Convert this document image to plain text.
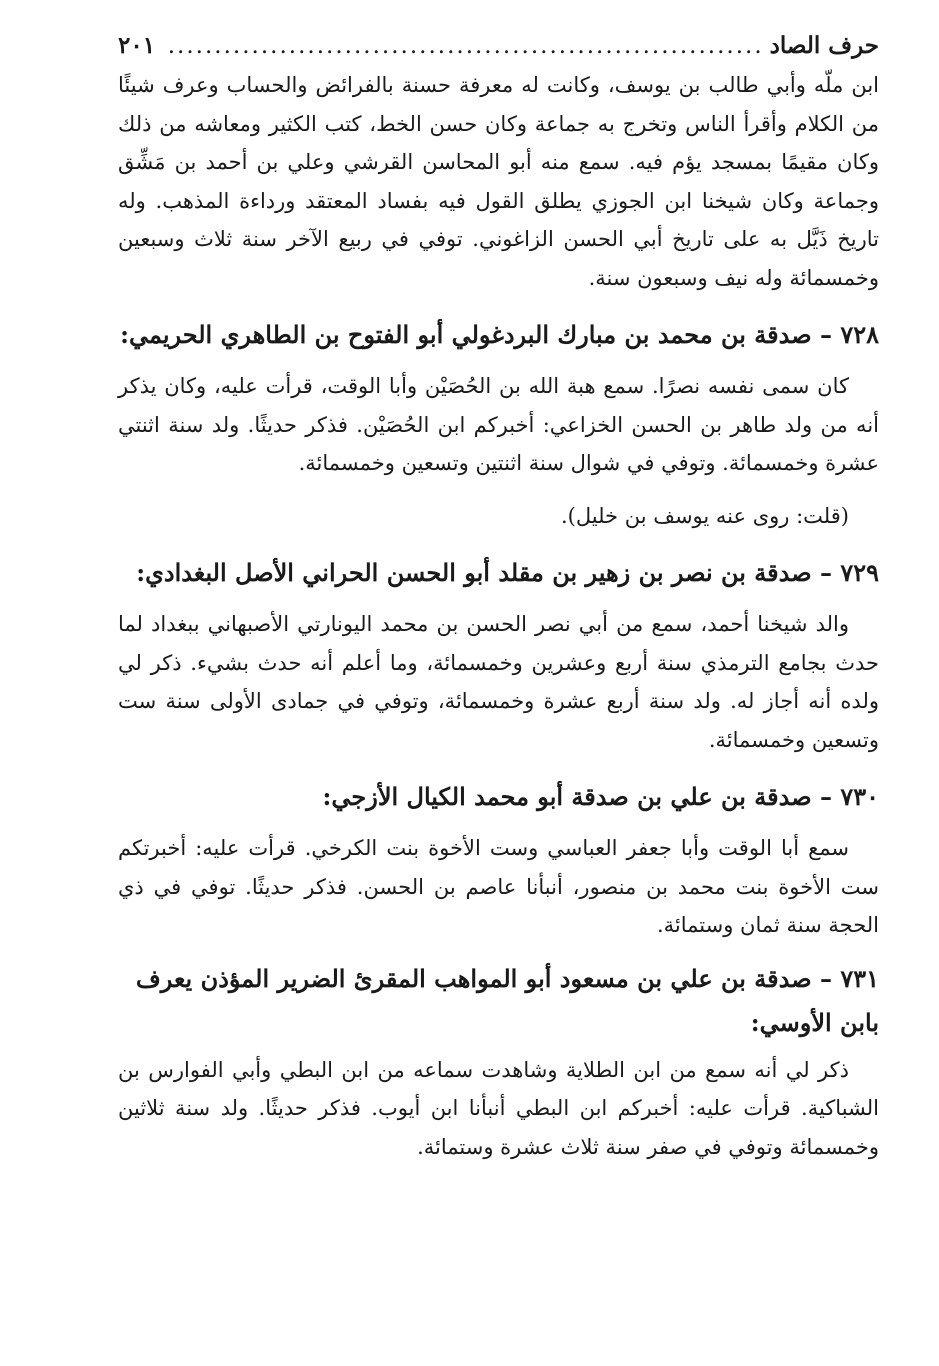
حرف الصاد
................................................................
٢٠١

ابن ملّه وأبي طالب بن يوسف، وكانت له معرفة حسنة بالفرائض والحساب وعرف شيئًا من الكلام وأقرأ الناس وتخرج به جماعة وكان حسن الخط، كتب الكثير ومعاشه من ذلك وكان مقيمًا بمسجد يؤم فيه. سمع منه أبو المحاسن القرشي وعلي بن أحمد بن مَشِّق وجماعة وكان شيخنا ابن الجوزي يطلق القول فيه بفساد المعتقد ورداءة المذهب. وله تاريخ ذَيَّل به على تاريخ أبي الحسن الزاغوني. توفي في ربيع الآخر سنة ثلاث وسبعين وخمسمائة وله نيف وسبعون سنة.

٧٢٨ – صدقة بن محمد بن مبارك البردغولي أبو الفتوح بن الطاهري الحريمي:

كان سمى نفسه نصرًا. سمع هبة الله بن الحُصَيْن وأبا الوقت، قرأت عليه، وكان يذكر أنه من ولد طاهر بن الحسن الخزاعي: أخبركم ابن الحُصَيْن. فذكر حديثًا. ولد سنة اثنتي عشرة وخمسمائة. وتوفي في شوال سنة اثنتين وتسعين وخمسمائة.

(قلت: روى عنه يوسف بن خليل).

٧٢٩ – صدقة بن نصر بن زهير بن مقلد أبو الحسن الحراني الأصل البغدادي:

والد شيخنا أحمد، سمع من أبي نصر الحسن بن محمد اليونارتي الأصبهاني ببغداد لما حدث بجامع الترمذي سنة أربع وعشرين وخمسمائة، وما أعلم أنه حدث بشيء. ذكر لي ولده أنه أجاز له. ولد سنة أربع عشرة وخمسمائة، وتوفي في جمادى الأولى سنة ست وتسعين وخمسمائة.

٧٣٠ – صدقة بن علي بن صدقة أبو محمد الكيال الأزجي:

سمع أبا الوقت وأبا جعفر العباسي وست الأخوة بنت الكرخي. قرأت عليه: أخبرتكم ست الأخوة بنت محمد بن منصور، أنبأنا عاصم بن الحسن. فذكر حديثًا. توفي في ذي الحجة سنة ثمان وستمائة.

٧٣١ – صدقة بن علي بن مسعود أبو المواهب المقرئ الضرير المؤذن يعرف بابن الأوسي:

ذكر لي أنه سمع من ابن الطلاية وشاهدت سماعه من ابن البطي وأبي الفوارس بن الشباكية. قرأت عليه: أخبركم ابن البطي أنبأنا ابن أيوب. فذكر حديثًا. ولد سنة ثلاثين وخمسمائة وتوفي في صفر سنة ثلاث عشرة وستمائة.
